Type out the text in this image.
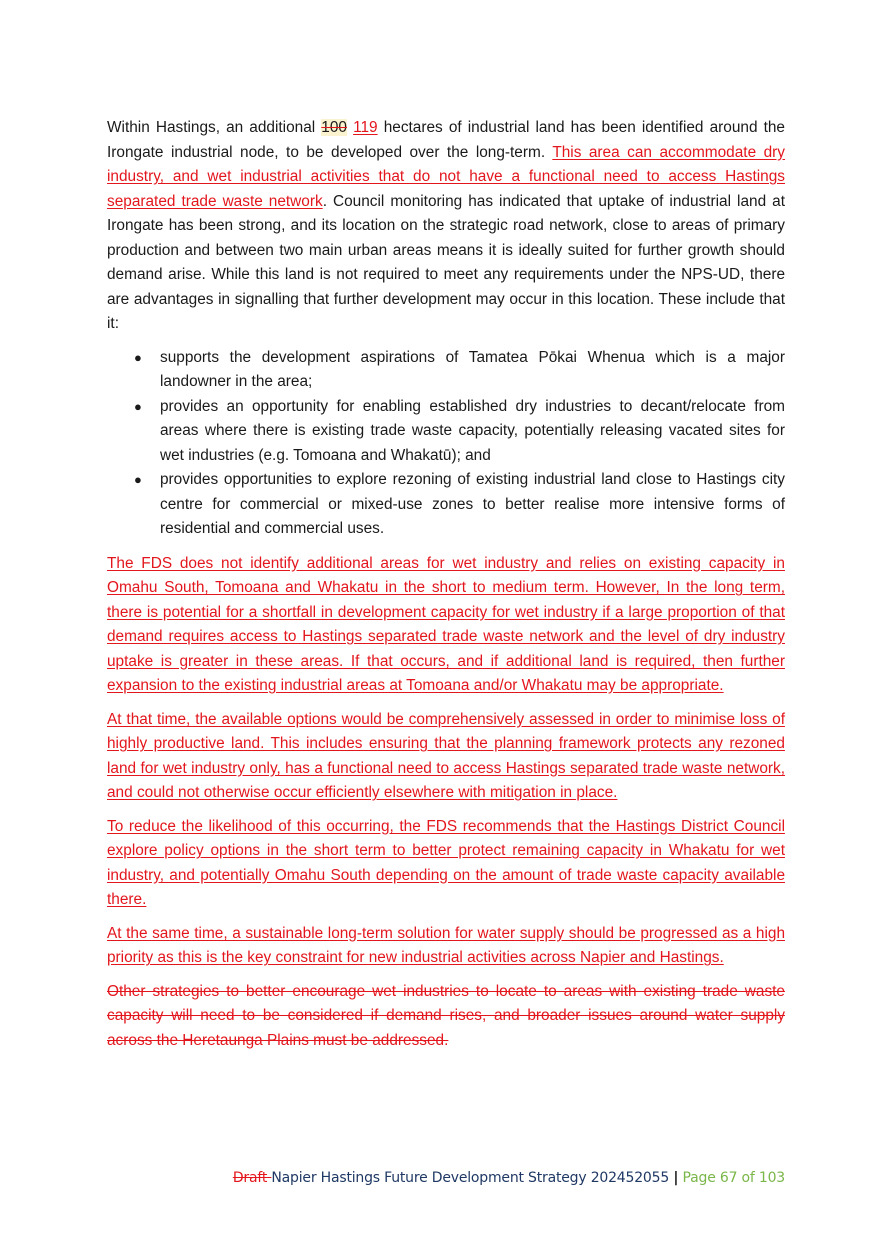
Within Hastings, an additional 100 119 hectares of industrial land has been identified around the Irongate industrial node, to be developed over the long-term. This area can accommodate dry industry, and wet industrial activities that do not have a functional need to access Hastings separated trade waste network. Council monitoring has indicated that uptake of industrial land at Irongate has been strong, and its location on the strategic road network, close to areas of primary production and between two main urban areas means it is ideally suited for further growth should demand arise. While this land is not required to meet any requirements under the NPS-UD, there are advantages in signalling that further development may occur in this location. These include that it:

● supports the development aspirations of Tamatea Pōkai Whenua which is a major landowner in the area;
● provides an opportunity for enabling established dry industries to decant/relocate from areas where there is existing trade waste capacity, potentially releasing vacated sites for wet industries (e.g. Tomoana and Whakatū); and
● provides opportunities to explore rezoning of existing industrial land close to Hastings city centre for commercial or mixed-use zones to better realise more intensive forms of residential and commercial uses.

The FDS does not identify additional areas for wet industry and relies on existing capacity in Omahu South, Tomoana and Whakatu in the short to medium term. However, In the long term, there is potential for a shortfall in development capacity for wet industry if a large proportion of that demand requires access to Hastings separated trade waste network and the level of dry industry uptake is greater in these areas. If that occurs, and if additional land is required, then further expansion to the existing industrial areas at Tomoana and/or Whakatu may be appropriate.

At that time, the available options would be comprehensively assessed in order to minimise loss of highly productive land. This includes ensuring that the planning framework protects any rezoned land for wet industry only, has a functional need to access Hastings separated trade waste network, and could not otherwise occur efficiently elsewhere with mitigation in place.

To reduce the likelihood of this occurring, the FDS recommends that the Hastings District Council explore policy options in the short term to better protect remaining capacity in Whakatu for wet industry, and potentially Omahu South depending on the amount of trade waste capacity available there.

At the same time, a sustainable long-term solution for water supply should be progressed as a high priority as this is the key constraint for new industrial activities across Napier and Hastings.

Other strategies to better encourage wet industries to locate to areas with existing trade waste capacity will need to be considered if demand rises, and broader issues around water supply across the Heretaunga Plains must be addressed.

Draft Napier Hastings Future Development Strategy 202452055 | Page 67 of 103
